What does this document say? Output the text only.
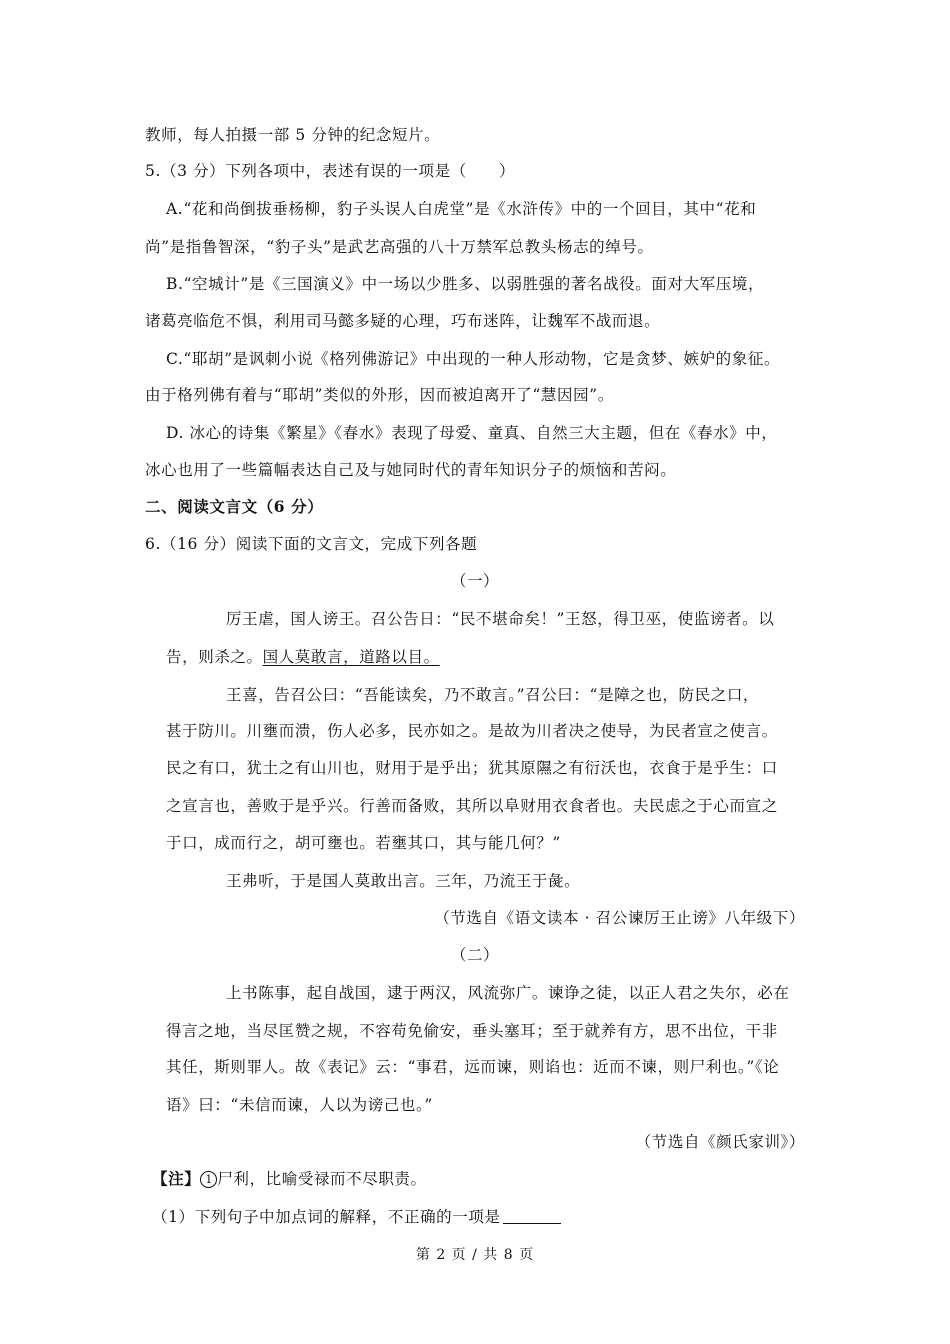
教师，每人拍摄一部 5 分钟的纪念短片。
5.（3 分）下列各项中，表述有误的一项是（　　）
A.“花和尚倒拔垂杨柳，豹子头误人白虎堂”是《水浒传》中的一个回目，其中“花和
尚”是指鲁智深，“豹子头”是武艺高强的八十万禁军总教头杨志的绰号。
B.“空城计”是《三国演义》中一场以少胜多、以弱胜强的著名战役。面对大军压境，
诸葛亮临危不惧，利用司马懿多疑的心理，巧布迷阵，让魏军不战而退。
C.“耶胡”是讽刺小说《格列佛游记》中出现的一种人形动物，它是贪梦、嫉妒的象征。
由于格列佛有着与“耶胡”类似的外形，因而被迫离开了“慧因园”。
D. 冰心的诗集《繁星》《春水》表现了母爱、童真、自然三大主题，但在《春水》中，
冰心也用了一些篇幅表达自己及与她同时代的青年知识分子的烦恼和苦闷。
二、阅读文言文（6 分）
6.（16 分）阅读下面的文言文，完成下列各题
（一）
厉王虐，国人谤王。召公告日：“民不堪命矣！”王怒，得卫巫，使监谤者。以
告，则杀之。国人莫敢言，道路以目。
王喜，告召公曰：“吾能读矣，乃不敢言。”召公曰：“是障之也，防民之口，
甚于防川。川壅而溃，伤人必多，民亦如之。是故为川者决之使导，为民者宣之使言。
民之有口，犹土之有山川也，财用于是乎出；犹其原隰之有衍沃也，衣食于是乎生：口
之宣言也，善败于是乎兴。行善而备败，其所以阜财用衣食者也。夫民虑之于心而宣之
于口，成而行之，胡可壅也。若壅其口，其与能几何？”
王弗听，于是国人莫敢出言。三年，乃流王于彘。
（节选自《语文读本 · 召公谏厉王止谤》八年级下）
（二）
上书陈事，起自战国，逮于两汉，风流弥广。谏诤之徒，以正人君之失尔，必在
得言之地，当尽匡赞之规，不容苟免偷安，垂头塞耳；至于就养有方，思不出位，干非
其任，斯则罪人。故《表记》云：“事君，远而谏，则谄也：近而不谏，则尸利也。”《论
语》曰：“未信而谏，人以为谤己也。”
（节选自《颜氏家训》）
【注】 1 尸利，比喻受禄而不尽职责。
（1）下列句子中加点词的解释，不正确的一项是
第 2 页 / 共 8 页
